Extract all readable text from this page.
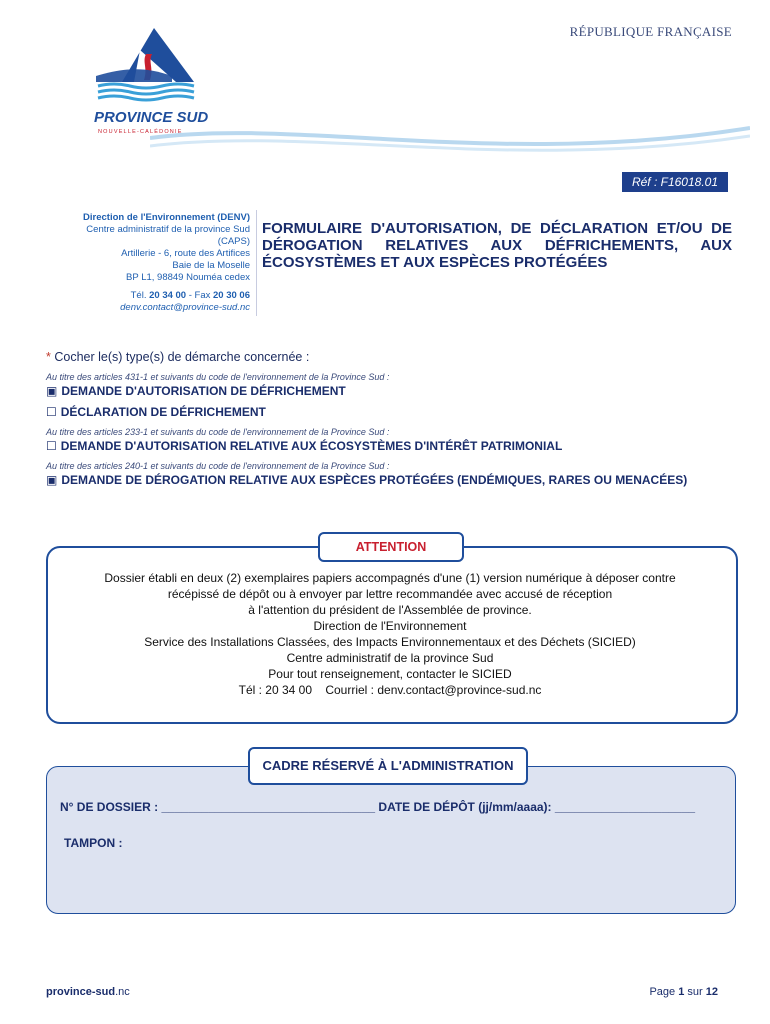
RÉPUBLIQUE FRANÇAISE
PROVINCE SUD
NOUVELLE-CALÉDONIE
Réf : F16018.01
Direction de l'Environnement (DENV)
Centre administratif de la province Sud
(CAPS)
Artillerie - 6, route des Artifices
Baie de la Moselle
BP L1, 98849 Nouméa cedex
Tél. 20 34 00 - Fax 20 30 06
denv.contact@province-sud.nc
FORMULAIRE D'AUTORISATION, DE DÉCLARATION ET/OU DE DÉROGATION RELATIVES AUX DÉFRICHEMENTS, AUX ÉCOSYSTÈMES ET AUX ESPÈCES PROTÉGÉES
* Cocher le(s) type(s) de démarche concernée :
Au titre des articles 431-1 et suivants du code de l'environnement de la Province Sud :
▣ DEMANDE D'AUTORISATION DE DÉFRICHEMENT
☐ DÉCLARATION DE DÉFRICHEMENT
Au titre des articles 233-1 et suivants du code de l'environnement de la Province Sud :
☐ DEMANDE D'AUTORISATION RELATIVE AUX ÉCOSYSTÈMES D'INTÉRÊT PATRIMONIAL
Au titre des articles 240-1 et suivants du code de l'environnement de la Province Sud :
▣ DEMANDE DE DÉROGATION RELATIVE AUX ESPÈCES PROTÉGÉES (ENDÉMIQUES, RARES OU MENACÉES)
ATTENTION
Dossier établi en deux (2) exemplaires papiers accompagnés d'une (1) version numérique à déposer contre
récépissé de dépôt ou à envoyer par lettre recommandée avec accusé de réception
à l'attention du président de l'Assemblée de province.
Direction de l'Environnement
Service des Installations Classées, des Impacts Environnementaux et des Déchets (SICIED)
Centre administratif de la province Sud
Pour tout renseignement, contacter le SICIED
Tél : 20 34 00    Courriel : denv.contact@province-sud.nc
CADRE RÉSERVÉ À L'ADMINISTRATION
N° DE DOSSIER : ________________________________ DATE DE DÉPÔT (jj/mm/aaaa): _____________________
TAMPON :
province-sud.nc	Page 1 sur 12
